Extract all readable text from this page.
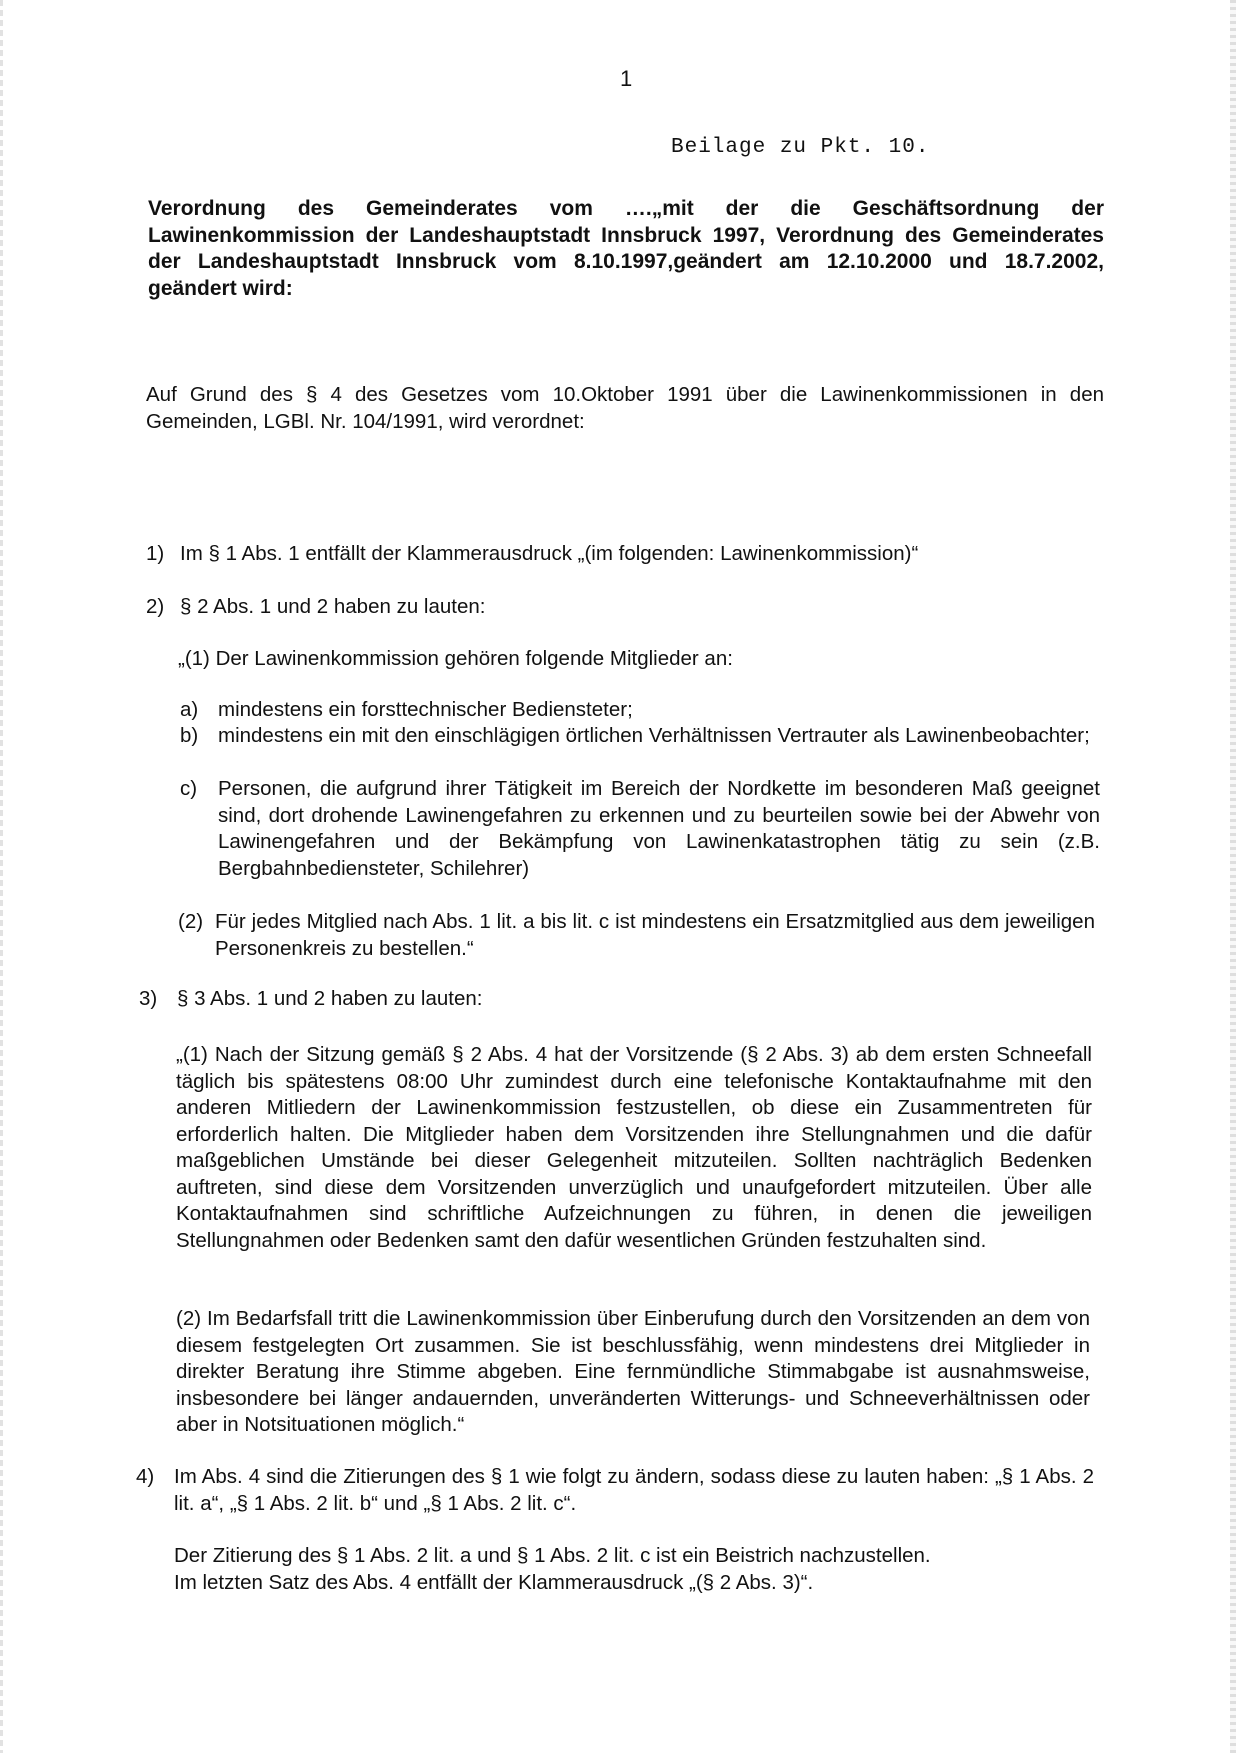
1
Beilage zu Pkt. 10.

Verordnung des Gemeinderates vom ….„mit der die Geschäftsordnung der Lawinenkommission der Landeshauptstadt Innsbruck 1997, Verordnung des Gemeinderates der Landeshauptstadt Innsbruck vom 8.10.1997,geändert am 12.10.2000 und 18.7.2002, geändert wird:

Auf Grund des § 4 des Gesetzes vom 10.Oktober 1991 über die Lawinenkommissionen in den Gemeinden, LGBl. Nr. 104/1991, wird verordnet:

1) Im § 1 Abs. 1 entfällt der Klammerausdruck „(im folgenden: Lawinenkommission)“
2) § 2 Abs. 1 und 2 haben zu lauten:
„(1) Der Lawinenkommission gehören folgende Mitglieder an:
a) mindestens ein forsttechnischer Bediensteter;
b) mindestens ein mit den einschlägigen örtlichen Verhältnissen Vertrauter als Lawinenbeobachter;
c) Personen, die aufgrund ihrer Tätigkeit im Bereich der Nordkette im besonderen Maß geeignet sind, dort drohende Lawinengefahren zu erkennen und zu beurteilen sowie bei der Abwehr von Lawinengefahren und der Bekämpfung von Lawinenkatastrophen tätig zu sein (z.B. Bergbahnbediensteter, Schilehrer)
(2) Für jedes Mitglied nach Abs. 1 lit. a bis lit. c ist mindestens ein Ersatzmitglied aus dem jeweiligen Personenkreis zu bestellen.“
3) § 3 Abs. 1 und 2 haben zu lauten:

„(1) Nach der Sitzung gemäß § 2 Abs. 4 hat der Vorsitzende (§ 2 Abs. 3) ab dem ersten Schneefall täglich bis spätestens 08:00 Uhr zumindest durch eine telefonische Kontaktaufnahme mit den anderen Mitliedern der Lawinenkommission festzustellen, ob diese ein Zusammentreten für erforderlich halten. Die Mitglieder haben dem Vorsitzenden ihre Stellungnahmen und die dafür maßgeblichen Umstände bei dieser Gelegenheit mitzuteilen. Sollten nachträglich Bedenken auftreten, sind diese dem Vorsitzenden unverzüglich und unaufgefordert mitzuteilen. Über alle Kontaktaufnahmen sind schriftliche Aufzeichnungen zu führen, in denen die jeweiligen Stellungnahmen oder Bedenken samt den dafür wesentlichen Gründen festzuhalten sind.

(2) Im Bedarfsfall tritt die Lawinenkommission über Einberufung durch den Vorsitzenden an dem von diesem festgelegten Ort zusammen. Sie ist beschlussfähig, wenn mindestens drei Mitglieder in direkter Beratung ihre Stimme abgeben. Eine fernmündliche Stimmabgabe ist ausnahmsweise, insbesondere bei länger andauernden, unveränderten Witterungs- und Schneeverhältnissen oder aber in Notsituationen möglich.“

4) Im Abs. 4 sind die Zitierungen des § 1 wie folgt zu ändern, sodass diese zu lauten haben: „§ 1 Abs. 2 lit. a“, „§ 1 Abs. 2 lit. b“ und „§ 1 Abs. 2 lit. c“.
Der Zitierung des § 1 Abs. 2 lit. a und § 1 Abs. 2 lit. c ist ein Beistrich nachzustellen.
Im letzten Satz des Abs. 4 entfällt der Klammerausdruck „(§ 2 Abs. 3)“.
